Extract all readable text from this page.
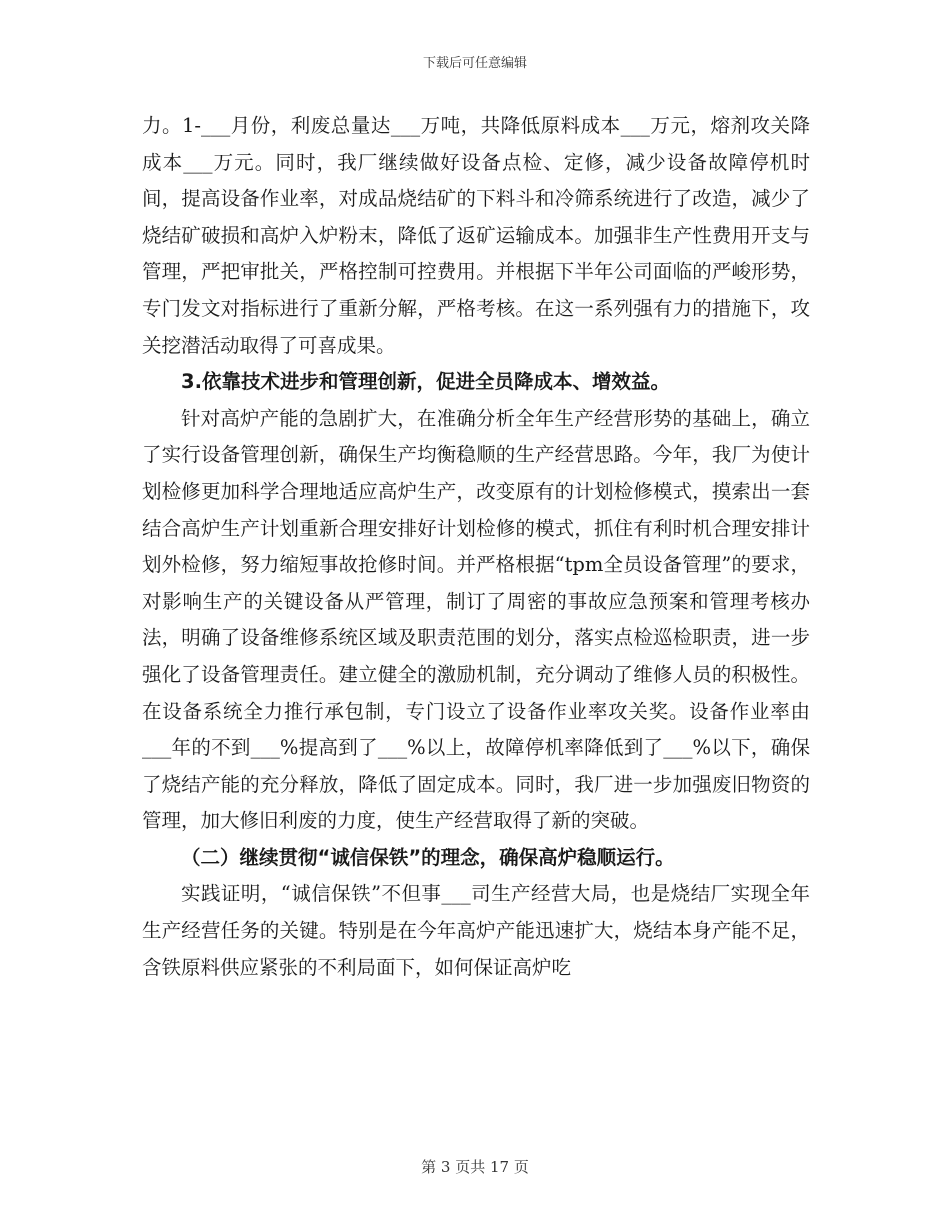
下载后可任意编辑

力。1-___月份，利废总量达___万吨，共降低原料成本___万元，熔剂攻关降成本___万元。同时，我厂继续做好设备点检、定修，减少设备故障停机时间，提高设备作业率，对成品烧结矿的下料斗和冷筛系统进行了改造，减少了烧结矿破损和高炉入炉粉末，降低了返矿运输成本。加强非生产性费用开支与管理，严把审批关，严格控制可控费用。并根据下半年公司面临的严峻形势，专门发文对指标进行了重新分解，严格考核。在这一系列强有力的措施下，攻关挖潜活动取得了可喜成果。

3.依靠技术进步和管理创新，促进全员降成本、增效益。

针对高炉产能的急剧扩大，在准确分析全年生产经营形势的基础上，确立了实行设备管理创新，确保生产均衡稳顺的生产经营思路。今年，我厂为使计划检修更加科学合理地适应高炉生产，改变原有的计划检修模式，摸索出一套结合高炉生产计划重新合理安排好计划检修的模式，抓住有利时机合理安排计划外检修，努力缩短事故抢修时间。并严格根据“tpm全员设备管理”的要求，对影响生产的关键设备从严管理，制订了周密的事故应急预案和管理考核办法，明确了设备维修系统区域及职责范围的划分，落实点检巡检职责，进一步强化了设备管理责任。建立健全的激励机制，充分调动了维修人员的积极性。在设备系统全力推行承包制，专门设立了设备作业率攻关奖。设备作业率由___年的不到___%提高到了___%以上，故障停机率降低到了___%以下，确保了烧结产能的充分释放，降低了固定成本。同时，我厂进一步加强废旧物资的管理，加大修旧利废的力度，使生产经营取得了新的突破。

（二）继续贯彻“诚信保铁”的理念，确保高炉稳顺运行。

实践证明，“诚信保铁”不但事___司生产经营大局，也是烧结厂实现全年生产经营任务的关键。特别是在今年高炉产能迅速扩大，烧结本身产能不足，含铁原料供应紧张的不利局面下，如何保证高炉吃

第 3 页共 17 页
